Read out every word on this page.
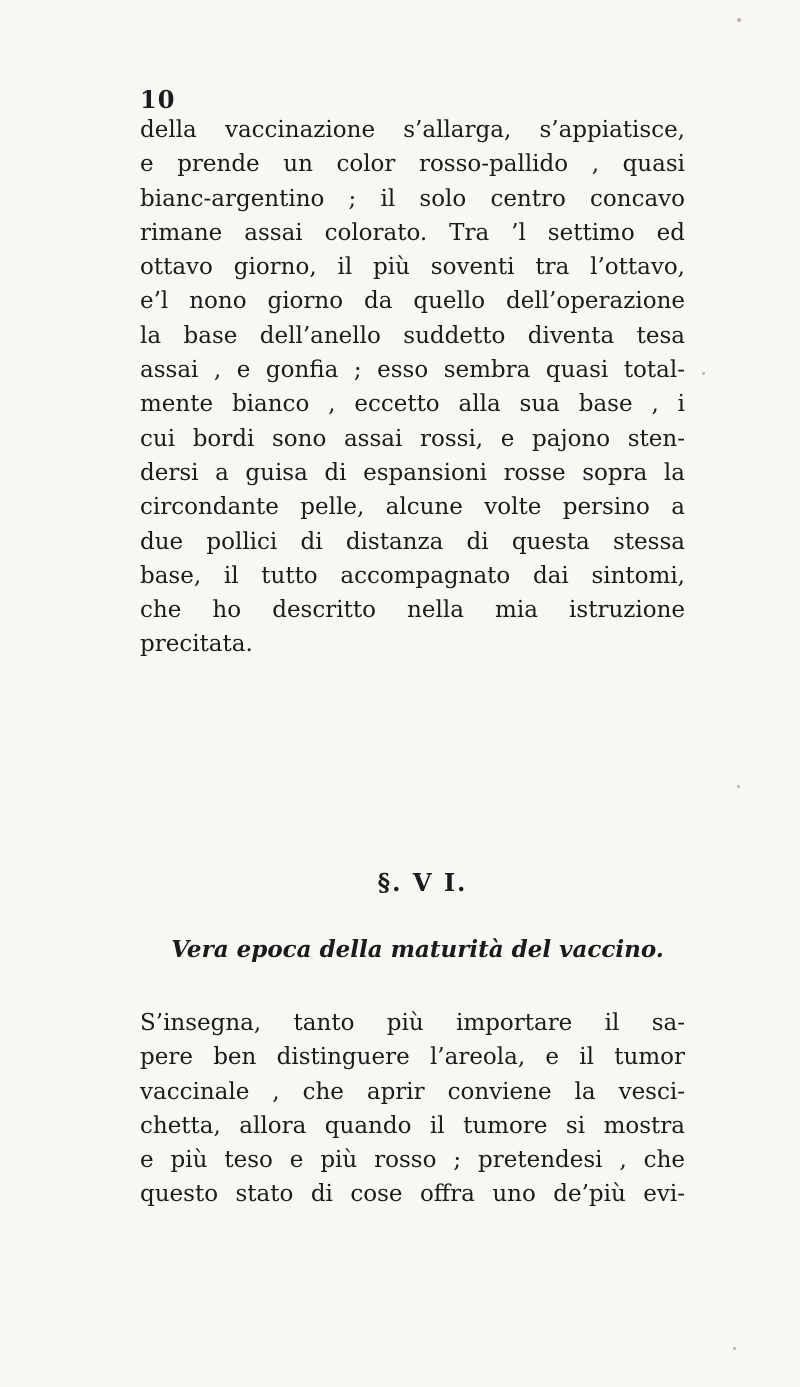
10
della vaccinazione s’allarga, s’appiatisce,
e prende un color rosso-pallido , quasi
bianc-argentino ; il solo centro concavo
rimane assai colorato. Tra ’l settimo ed
ottavo giorno, il più soventi tra l’ottavo,
e’l nono giorno da quello dell’operazione
la base dell’anello suddetto diventa tesa
assai , e gonfia ; esso sembra quasi total-
mente bianco , eccetto alla sua base , i
cui bordi sono assai rossi, e pajono sten-
dersi a guisa di espansioni rosse sopra la
circondante pelle, alcune volte persino a
due pollici di distanza di questa stessa
base, il tutto accompagnato dai sintomi,
che ho descritto nella mia istruzione
precitata.
§. V I.
Vera epoca della maturità del vaccino.
S’insegna, tanto più importare il sa-
pere ben distinguere l’areola, e il tumor
vaccinale , che aprir conviene la vesci-
chetta, allora quando il tumore si mostra
e più teso e più rosso ; pretendesi , che
questo stato di cose offra uno de’più evi-
